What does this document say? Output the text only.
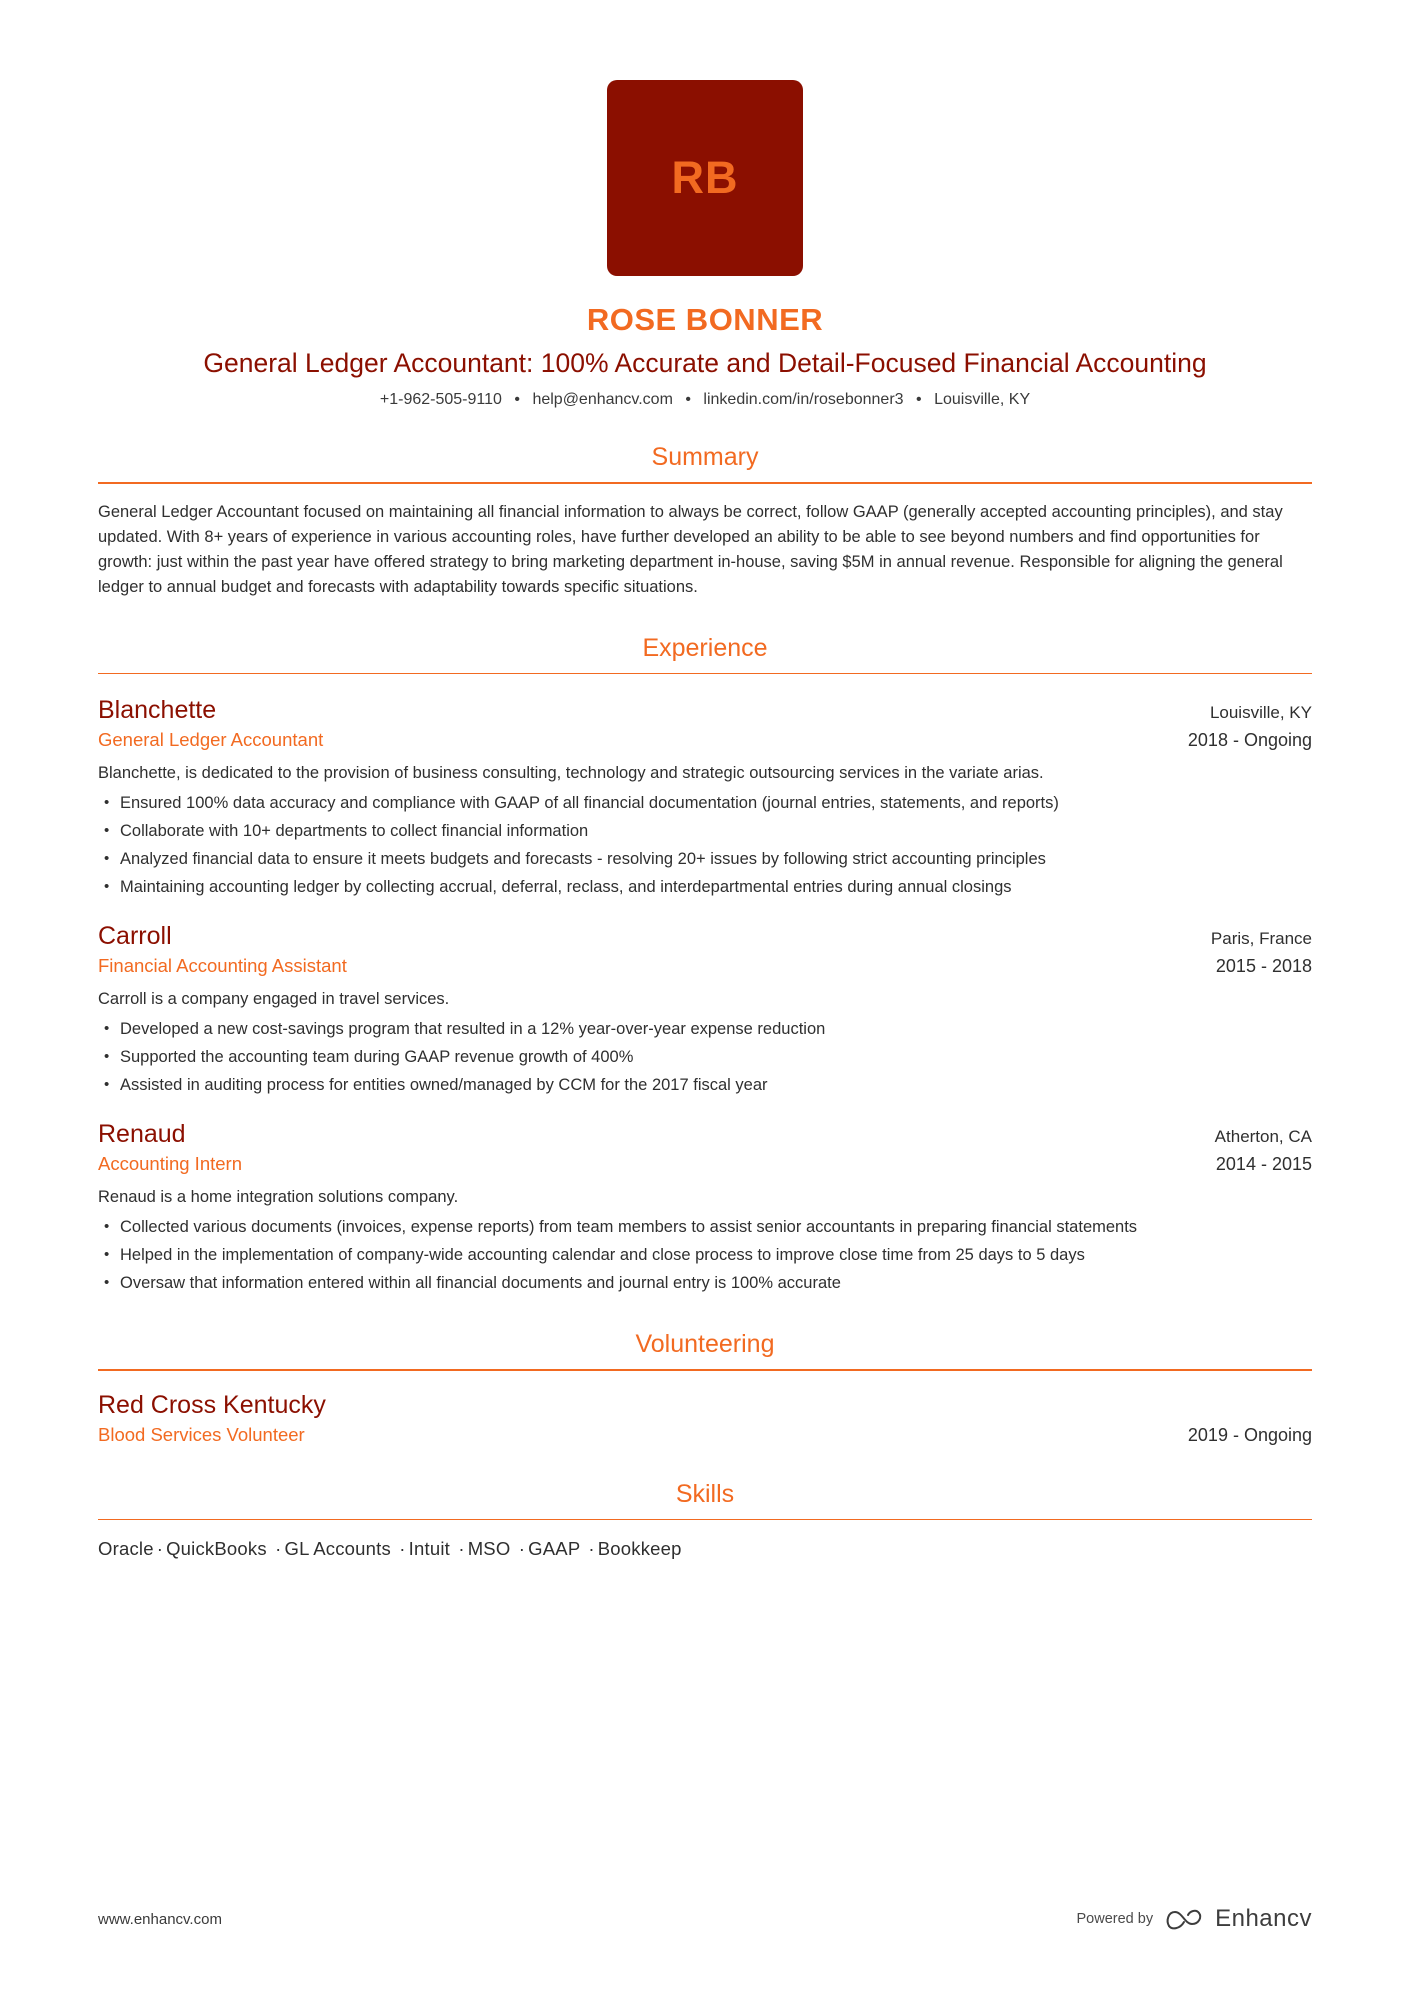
RB
ROSE BONNER
General Ledger Accountant: 100% Accurate and Detail-Focused Financial Accounting
+1-962-505-9110 • help@enhancv.com • linkedin.com/in/rosebonner3 • Louisville, KY
Summary
General Ledger Accountant focused on maintaining all financial information to always be correct, follow GAAP (generally accepted accounting principles), and stay updated. With 8+ years of experience in various accounting roles, have further developed an ability to be able to see beyond numbers and find opportunities for growth: just within the past year have offered strategy to bring marketing department in-house, saving $5M in annual revenue. Responsible for aligning the general ledger to annual budget and forecasts with adaptability towards specific situations.
Experience
Blanchette	Louisville, KY
General Ledger Accountant	2018 - Ongoing
Blanchette, is dedicated to the provision of business consulting, technology and strategic outsourcing services in the variate arias.
• Ensured 100% data accuracy and compliance with GAAP of all financial documentation (journal entries, statements, and reports)
• Collaborate with 10+ departments to collect financial information
• Analyzed financial data to ensure it meets budgets and forecasts - resolving 20+ issues by following strict accounting principles
• Maintaining accounting ledger by collecting accrual, deferral, reclass, and interdepartmental entries during annual closings
Carroll	Paris, France
Financial Accounting Assistant	2015 - 2018
Carroll is a company engaged in travel services.
• Developed a new cost-savings program that resulted in a 12% year-over-year expense reduction
• Supported the accounting team during GAAP revenue growth of 400%
• Assisted in auditing process for entities owned/managed by CCM for the 2017 fiscal year
Renaud	Atherton, CA
Accounting Intern	2014 - 2015
Renaud is a home integration solutions company.
• Collected various documents (invoices, expense reports) from team members to assist senior accountants in preparing financial statements
• Helped in the implementation of company-wide accounting calendar and close process to improve close time from 25 days to 5 days
• Oversaw that information entered within all financial documents and journal entry is 100% accurate
Volunteering
Red Cross Kentucky
Blood Services Volunteer	2019 - Ongoing
Skills
Oracle · QuickBooks · GL Accounts · Intuit · MSO · GAAP · Bookkeep
www.enhancv.com	Powered by	Enhancv
